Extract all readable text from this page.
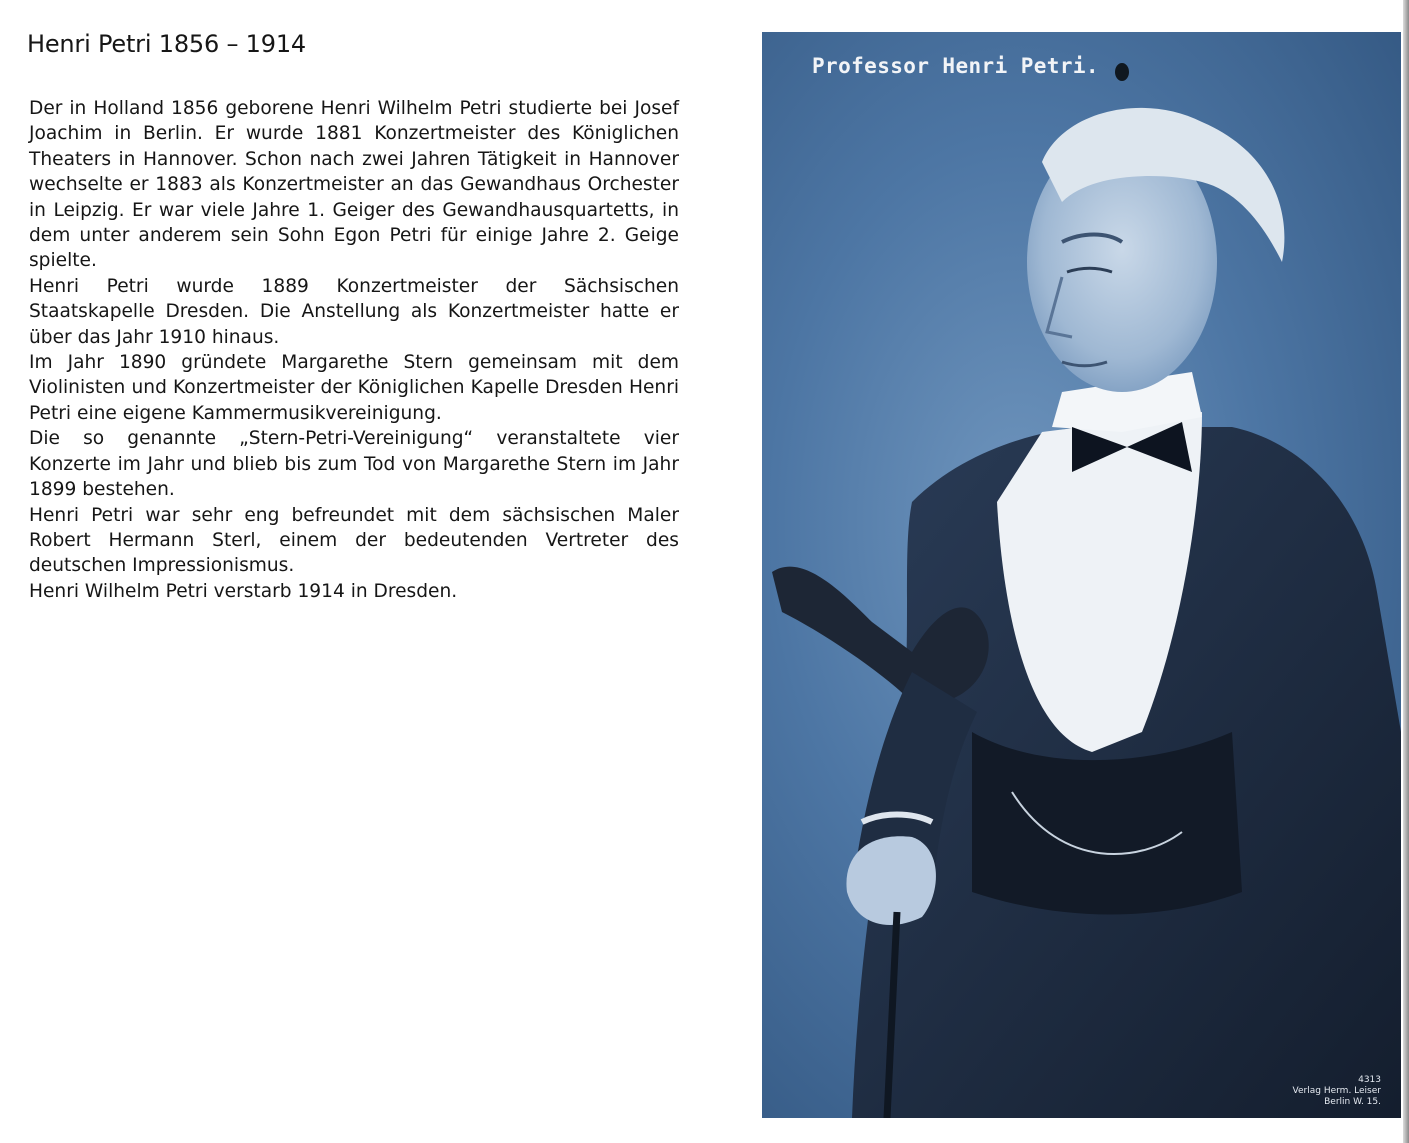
Henri Petri 1856 – 1914

Der in Holland 1856 geborene Henri Wilhelm Petri studierte bei Josef Joachim in Berlin. Er wurde 1881 Konzertmeister des Königlichen Theaters in Hannover. Schon nach zwei Jahren Tätigkeit in Hannover wechselte er 1883 als Konzertmeister an das Gewandhaus Orchester in Leipzig. Er war viele Jahre 1. Geiger des Gewandhausquartetts, in dem unter anderem sein Sohn Egon Petri für einige Jahre 2. Geige spielte.

Henri Petri wurde 1889 Konzertmeister der Sächsischen Staatskapelle Dresden. Die Anstellung als Konzertmeister hatte er über das Jahr 1910 hinaus.

Im Jahr 1890 gründete Margarethe Stern gemeinsam mit dem Violinisten und Konzertmeister der Königlichen Kapelle Dresden Henri Petri eine eigene Kammermusikvereinigung.

Die so genannte „Stern-Petri-Vereinigung“ veranstaltete vier Konzerte im Jahr und blieb bis zum Tod von Margarethe Stern im Jahr 1899 bestehen.

Henri Petri war sehr eng befreundet mit dem sächsischen Maler Robert Hermann Sterl, einem der bedeutenden Vertreter des deutschen Impressionismus.

Henri Wilhelm Petri verstarb 1914 in Dresden.

Professor Henri Petri.
4313
Verlag Herm. Leiser
Berlin W. 15.
